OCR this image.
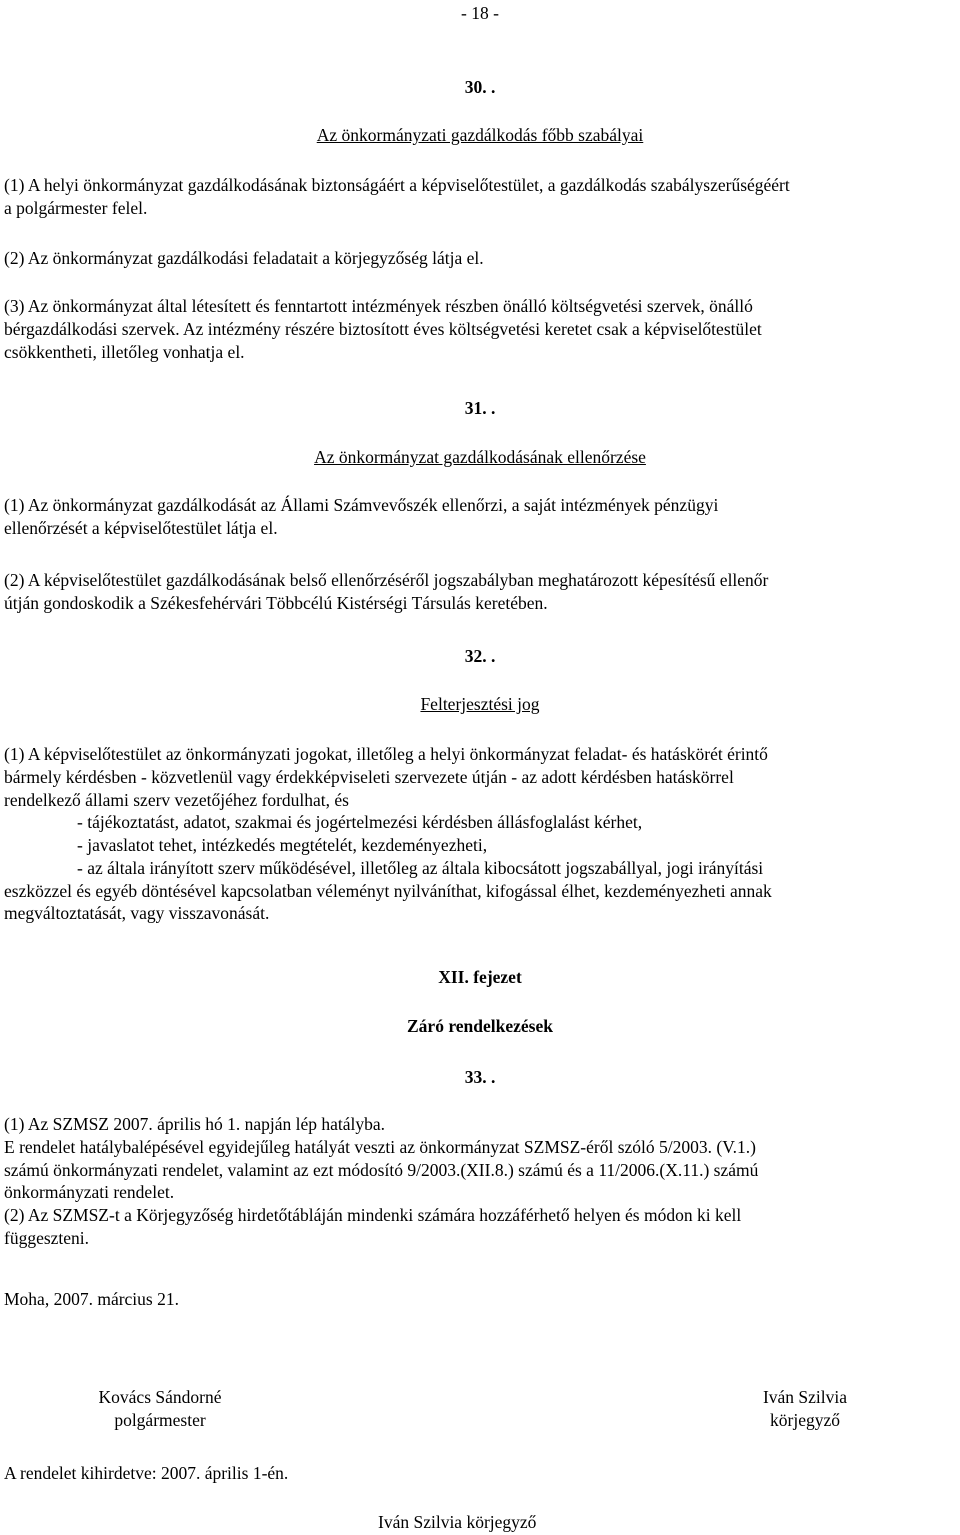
- 18 -
30. .
Az önkormányzati gazdálkodás főbb szabályai

(1) A helyi önkormányzat gazdálkodásának biztonságáért a képviselőtestület, a gazdálkodás szabályszerűségéért

a polgármester felel.

(2) Az önkormányzat gazdálkodási feladatait a körjegyzőség látja el.

(3) Az önkormányzat által létesített és fenntartott intézmények részben önálló költségvetési szervek, önálló

bérgazdálkodási szervek. Az intézmény részére biztosított éves költségvetési keretet csak a képviselőtestület

csökkentheti, illetőleg vonhatja el.

31. .
Az önkormányzat gazdálkodásának ellenőrzése

(1) Az önkormányzat gazdálkodását az Állami Számvevőszék ellenőrzi, a saját intézmények pénzügyi

ellenőrzését a képviselőtestület látja el.

(2) A képviselőtestület gazdálkodásának belső ellenőrzéséről jogszabályban meghatározott képesítésű ellenőr

útján gondoskodik a Székesfehérvári Többcélú Kistérségi Társulás keretében.

32. .
Felterjesztési jog

(1) A képviselőtestület az önkormányzati jogokat, illetőleg a helyi önkormányzat feladat- és hatáskörét érintő

bármely kérdésben - közvetlenül vagy érdekképviseleti szervezete útján - az adott kérdésben hatáskörrel

rendelkező állami szerv vezetőjéhez fordulhat, és

- tájékoztatást, adatot, szakmai és jogértelmezési kérdésben állásfoglalást kérhet,

- javaslatot tehet, intézkedés megtételét, kezdeményezheti,

- az általa irányított szerv működésével, illetőleg az általa kibocsátott jogszabállyal, jogi irányítási

eszközzel és egyéb döntésével kapcsolatban véleményt nyilváníthat, kifogással élhet, kezdeményezheti annak

megváltoztatását, vagy visszavonását.

XII. fejezet
Záró rendelkezések
33. .

(1) Az SZMSZ 2007. április hó 1. napján lép hatályba.

E rendelet hatálybalépésével egyidejűleg hatályát veszti az önkormányzat SZMSZ-éről szóló 5/2003. (V.1.)

számú önkormányzati rendelet, valamint az ezt módosító 9/2003.(XII.8.) számú és a 11/2006.(X.11.) számú

önkormányzati rendelet.

(2) Az SZMSZ-t a Körjegyzőség hirdetőtábláján mindenki számára hozzáférhető helyen és módon ki kell

függeszteni.

Moha, 2007. március 21.
Kovács Sándorné
polgármester
Iván Szilvia
körjegyző
A rendelet kihirdetve: 2007. április 1-én.
Iván Szilvia körjegyző
